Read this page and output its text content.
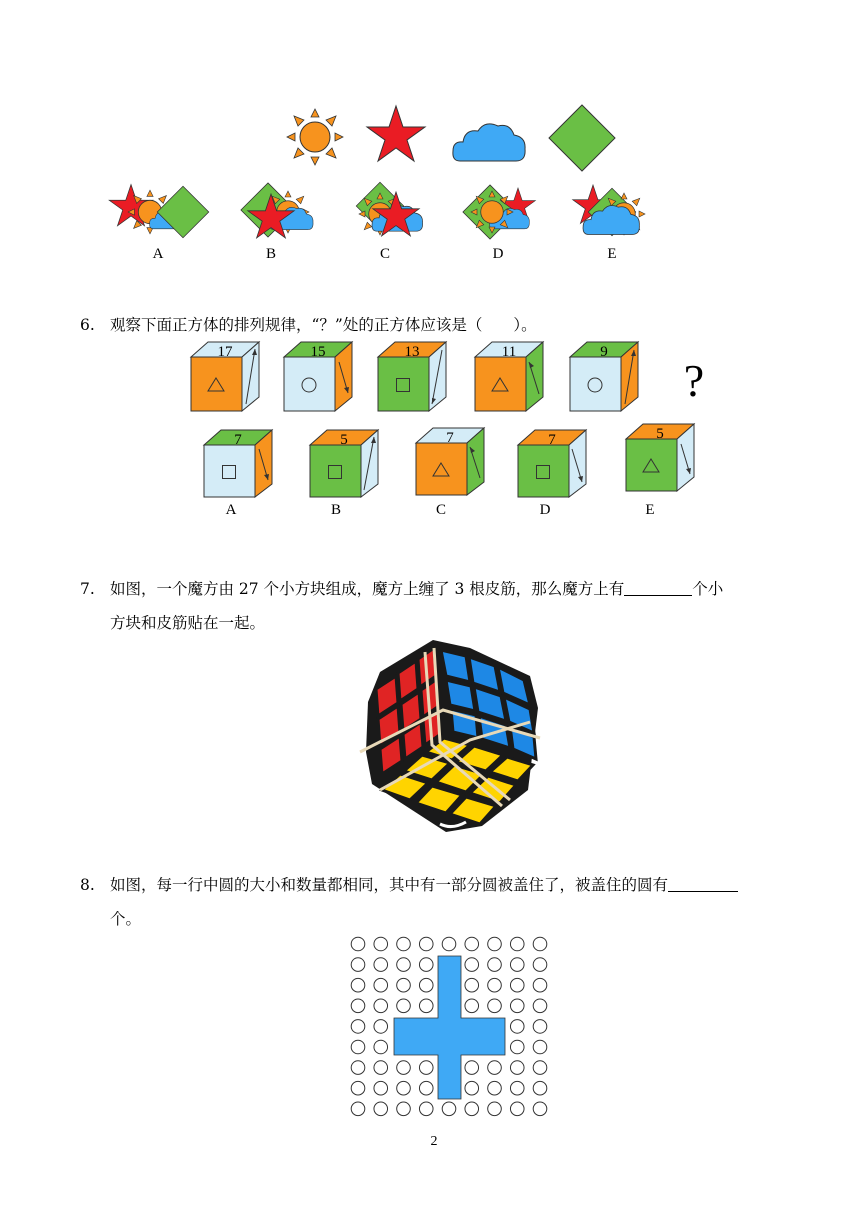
A	B	C	D	E
6. 观察下面正方体的排列规律，“？”处的正方体应该是（　　）。
17	15	13	11	9
7	5	7	7	5
?
A	B	C	D	E
7. 如图，一个魔方由 27 个小方块组成，魔方上缠了 3 根皮筋，那么魔方上有	个小
方块和皮筋贴在一起。
8. 如图，每一行中圆的大小和数量都相同，其中有一部分圆被盖住了，被盖住的圆有
个。
2
